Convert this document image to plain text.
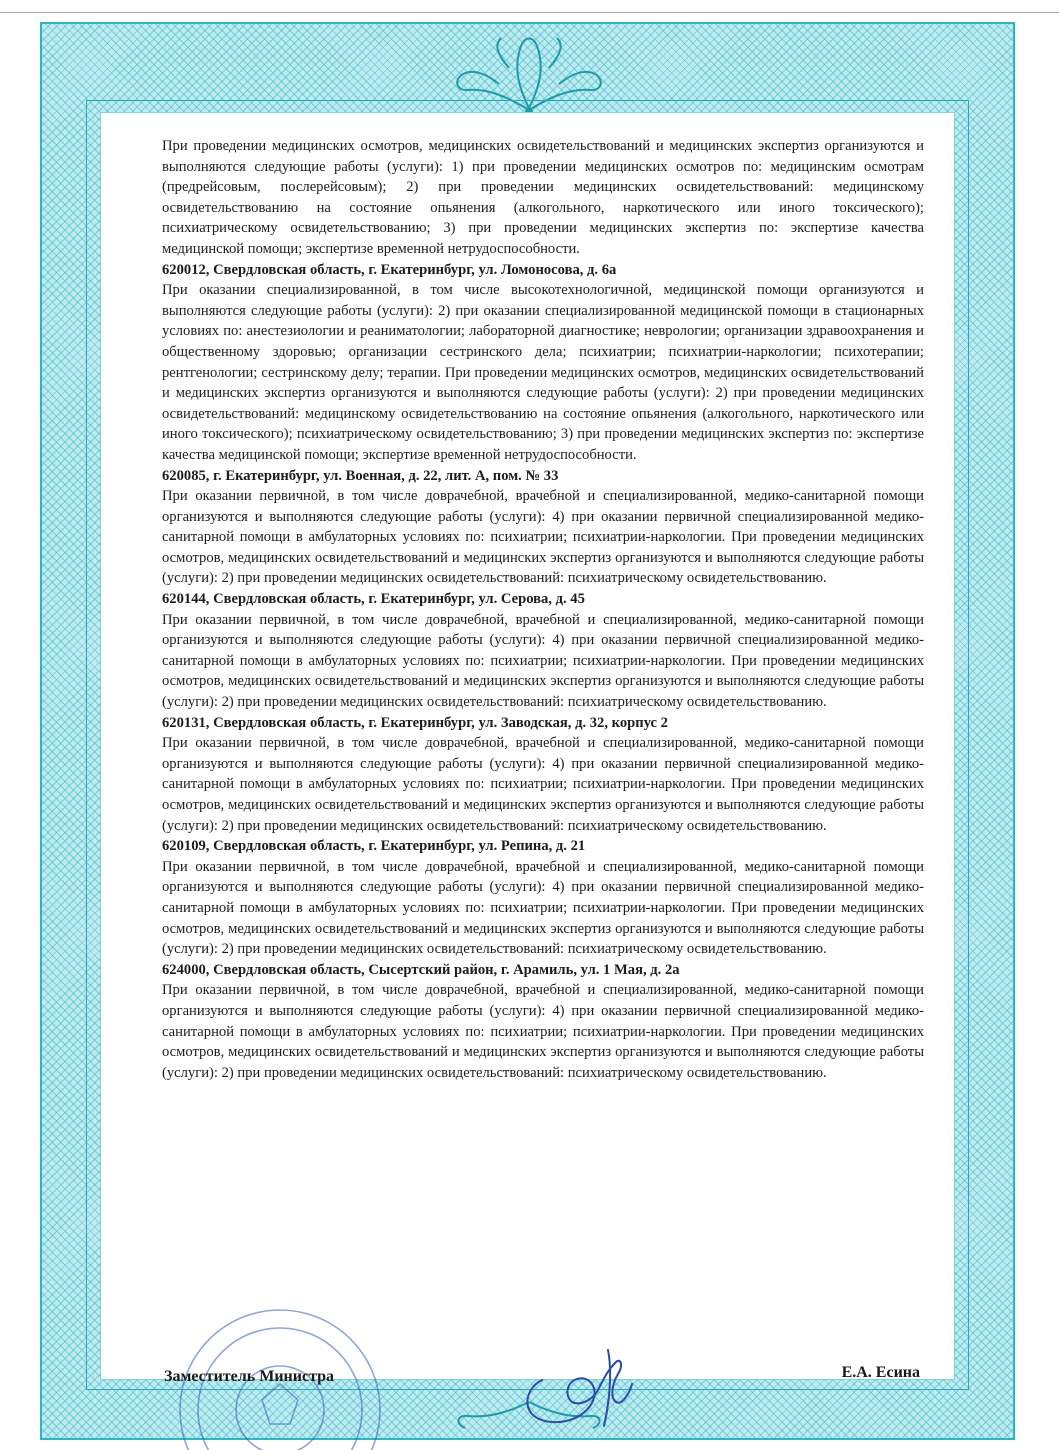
При проведении медицинских осмотров, медицинских освидетельствований и медицинских экспертиз организуются и выполняются следующие работы (услуги): 1) при проведении медицинских осмотров по: медицинским осмотрам (предрейсовым, послерейсовым); 2) при проведении медицинских освидетельствований: медицинскому освидетельствованию на состояние опьянения (алкогольного, наркотического или иного токсического); психиатрическому освидетельствованию; 3) при проведении медицинских экспертиз по: экспертизе качества медицинской помощи; экспертизе временной нетрудоспособности.

620012, Свердловская область, г. Екатеринбург, ул. Ломоносова, д. 6а

При оказании специализированной, в том числе высокотехнологичной, медицинской помощи организуются и выполняются следующие работы (услуги): 2) при оказании специализированной медицинской помощи в стационарных условиях по: анестезиологии и реаниматологии; лабораторной диагностике; неврологии; организации здравоохранения и общественному здоровью; организации сестринского дела; психиатрии; психиатрии-наркологии; психотерапии; рентгенологии; сестринскому делу; терапии. При проведении медицинских осмотров, медицинских освидетельствований и медицинских экспертиз организуются и выполняются следующие работы (услуги): 2) при проведении медицинских освидетельствований: медицинскому освидетельствованию на состояние опьянения (алкогольного, наркотического или иного токсического); психиатрическому освидетельствованию; 3) при проведении медицинских экспертиз по: экспертизе качества медицинской помощи; экспертизе временной нетрудоспособности.

620085, г. Екатеринбург, ул. Военная, д. 22, лит. А, пом. № 33

При оказании первичной, в том числе доврачебной, врачебной и специализированной, медико-санитарной помощи организуются и выполняются следующие работы (услуги): 4) при оказании первичной специализированной медико-санитарной помощи в амбулаторных условиях по: психиатрии; психиатрии-наркологии. При проведении медицинских осмотров, медицинских освидетельствований и медицинских экспертиз организуются и выполняются следующие работы (услуги): 2) при проведении медицинских освидетельствований: психиатрическому освидетельствованию.

620144, Свердловская область, г. Екатеринбург, ул. Серова, д. 45

При оказании первичной, в том числе доврачебной, врачебной и специализированной, медико-санитарной помощи организуются и выполняются следующие работы (услуги): 4) при оказании первичной специализированной медико-санитарной помощи в амбулаторных условиях по: психиатрии; психиатрии-наркологии. При проведении медицинских осмотров, медицинских освидетельствований и медицинских экспертиз организуются и выполняются следующие работы (услуги): 2) при проведении медицинских освидетельствований: психиатрическому освидетельствованию.

620131, Свердловская область, г. Екатеринбург, ул. Заводская, д. 32, корпус 2

При оказании первичной, в том числе доврачебной, врачебной и специализированной, медико-санитарной помощи организуются и выполняются следующие работы (услуги): 4) при оказании первичной специализированной медико-санитарной помощи в амбулаторных условиях по: психиатрии; психиатрии-наркологии. При проведении медицинских осмотров, медицинских освидетельствований и медицинских экспертиз организуются и выполняются следующие работы (услуги): 2) при проведении медицинских освидетельствований: психиатрическому освидетельствованию.

620109, Свердловская область, г. Екатеринбург, ул. Репина, д. 21

При оказании первичной, в том числе доврачебной, врачебной и специализированной, медико-санитарной помощи организуются и выполняются следующие работы (услуги): 4) при оказании первичной специализированной медико-санитарной помощи в амбулаторных условиях по: психиатрии; психиатрии-наркологии. При проведении медицинских осмотров, медицинских освидетельствований и медицинских экспертиз организуются и выполняются следующие работы (услуги): 2) при проведении медицинских освидетельствований: психиатрическому освидетельствованию.

624000, Свердловская область, Сысертский район, г. Арамиль, ул. 1 Мая, д. 2а

При оказании первичной, в том числе доврачебной, врачебной и специализированной, медико-санитарной помощи организуются и выполняются следующие работы (услуги): 4) при оказании первичной специализированной медико-санитарной помощи в амбулаторных условиях по: психиатрии; психиатрии-наркологии. При проведении медицинских осмотров, медицинских освидетельствований и медицинских экспертиз организуются и выполняются следующие работы (услуги): 2) при проведении медицинских освидетельствований: психиатрическому освидетельствованию.

Заместитель Министра	Е.А. Есина
